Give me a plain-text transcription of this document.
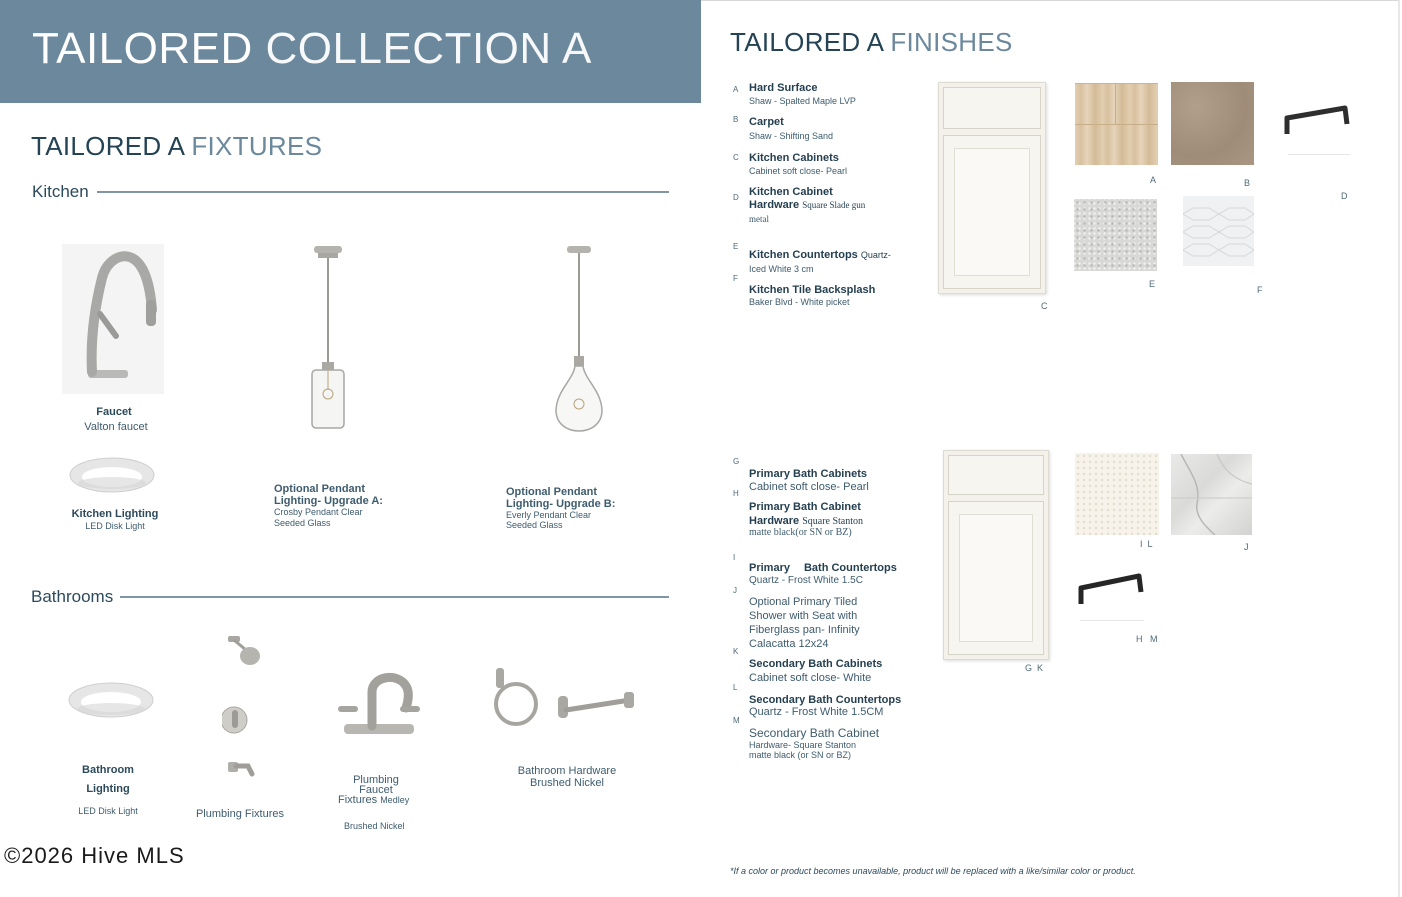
TAILORED COLLECTION A
TAILORED A FIXTURES
Kitchen
Faucet
Valton faucet
Kitchen Lighting
LED Disk Light
Optional Pendant
Lighting- Upgrade A:
Crosby Pendant Clear
Seeded Glass
Optional Pendant
Lighting- Upgrade B:
Everly Pendant Clear
Seeded Glass
Bathrooms
Bathroom
Lighting
LED Disk Light	Plumbing Fixtures
Plumbing
Faucet
Fixtures Medley
Brushed Nickel
Bathroom Hardware
Brushed Nickel
TAILORED A FINISHES
A Hard Surface
Shaw - Spalted Maple LVP
B Carpet
Shaw - Shifting Sand
C Kitchen Cabinets
Cabinet soft close- Pearl
D Kitchen Cabinet
Hardware Square Slade gun
metal
E
Kitchen Countertops Quartz-
Iced White 3 cm
F
Kitchen Tile Backsplash
Baker Blvd - White picket	C
A	B
D
E
F
G
Primary Bath Cabinets
Cabinet soft close- Pearl
H
Primary Bath Cabinet
Hardware Square Stanton
matte black(or SN or BZ)
I
Primary Bath Countertops
Quartz - Frost White 1.5C
J
Optional Primary Tiled
Shower with Seat with
Fiberglass pan- Infinity
Calacatta 12x24
K
Secondary Bath Cabinets
Cabinet soft close- White
L
Secondary Bath Countertops
Quartz - Frost White 1.5CM
M
Secondary Bath Cabinet
Hardware- Square Stanton
matte black (or SN or BZ)
G  K
I  L	J
H   M
*If a color or product becomes unavailable, product will be replaced with a like/similar color or product.
©2026 Hive MLS
